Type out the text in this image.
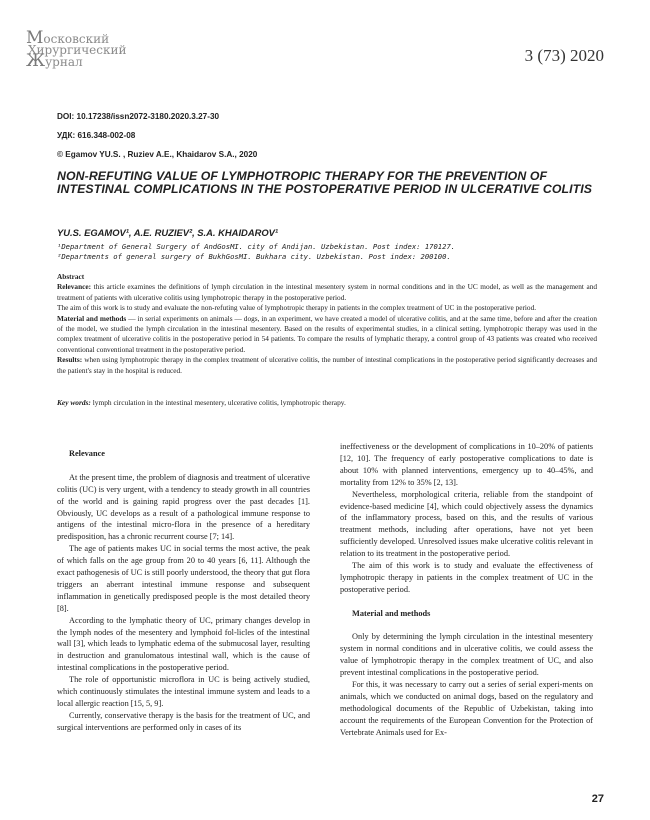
Московский
Хирургический
Журнал	3 (73) 2020
DOI: 10.17238/issn2072-3180.2020.3.27-30
УДК: 616.348-002-08
© Egamov YU.S. , Ruziev A.E., Khaidarov S.A., 2020
NON-REFUTING VALUE OF LYMPHOTROPIC THERAPY FOR THE PREVENTION OF INTESTINAL COMPLICATIONS IN THE POSTOPERATIVE PERIOD IN ULCERATIVE COLITIS
YU.S. EGAMOV¹, A.E. RUZIEV², S.A. KHAIDAROV¹
¹Department of General Surgery of AndGosMI. city of Andijan. Uzbekistan. Post index: 170127.
²Departments of general surgery of BukhGosMI. Bukhara city. Uzbekistan. Post index: 200100.

Abstract

Relevance: this article examines the definitions of lymph circulation in the intestinal mesentery system in normal conditions and in the UC model, as well as the management and treatment of patients with ulcerative colitis using lymphotropic therapy in the postoperative period.

The aim of this work is to study and evaluate the non-refuting value of lymphotropic therapy in patients in the complex treatment of UC in the postoperative period.

Material and methods — in serial experiments on animals — dogs, in an experiment, we have created a model of ulcerative colitis, and at the same time, before and after the creation of the model, we studied the lymph circulation in the intestinal mesentery. Based on the results of experimental studies, in a clinical setting, lymphotropic therapy was used in the complex treatment of ulcerative colitis in the postoperative period in 54 patients. To compare the results of lymphatic therapy, a control group of 43 patients was created who received conventional conventional treatment in the postoperative period.

Results: when using lymphotropic therapy in the complex treatment of ulcerative colitis, the number of intestinal complications in the postoperative period significantly decreases and the patient's stay in the hospital is reduced.

Key words: lymph circulation in the intestinal mesentery, ulcerative colitis, lymphotropic therapy.
Relevance

At the present time, the problem of diagnosis and treatment of ulcerative colitis (UC) is very urgent, with a tendency to steady growth in all countries of the world and is gaining rapid progress over the past decades [1]. Obviously, UC develops as a result of a pathological immune response to antigens of the intestinal micro-flora in the presence of a hereditary predisposition, has a chronic recurrent course [7; 14].

The age of patients makes UC in social terms the most active, the peak of which falls on the age group from 20 to 40 years [6, 11]. Although the exact pathogenesis of UC is still poorly understood, the theory that gut flora triggers an aberrant intestinal immune response and subsequent inflammation in genetically predisposed people is the most detailed theory [8].

According to the lymphatic theory of UC, primary changes develop in the lymph nodes of the mesentery and lymphoid fol-licles of the intestinal wall [3], which leads to lymphatic edema of the submucosal layer, resulting in destruction and granulomatous intestinal wall, which is the cause of intestinal complications in the postoperative period.

The role of opportunistic microflora in UC is being actively studied, which continuously stimulates the intestinal immune system and leads to a local allergic reaction [15, 5, 9].

Currently, conservative therapy is the basis for the treatment of UC, and surgical interventions are performed only in cases of its

ineffectiveness or the development of complications in 10–20% of patients [12, 10]. The frequency of early postoperative complications to date is about 10% with planned interventions, emergency up to 40–45%, and mortality from 12% to 35% [2, 13].

Nevertheless, morphological criteria, reliable from the standpoint of evidence-based medicine [4], which could objectively assess the dynamics of the inflammatory process, based on this, and the results of various treatment methods, including after operations, have not yet been sufficiently developed. Unresolved issues make ulcerative colitis relevant in relation to its treatment in the postoperative period.

The aim of this work is to study and evaluate the effectiveness of lymphotropic therapy in patients in the complex treatment of UC in the postoperative period.

Material and methods

Only by determining the lymph circulation in the intestinal mesentery system in normal conditions and in ulcerative colitis, we could assess the value of lymphotropic therapy in the complex treatment of UC, and also prevent intestinal complications in the postoperative period.

For this, it was necessary to carry out a series of serial experi-ments on animals, which we conducted on animal dogs, based on the regulatory and methodological documents of the Republic of Uzbekistan, taking into account the requirements of the European Convention for the Protection of Vertebrate Animals used for Ex-

27
